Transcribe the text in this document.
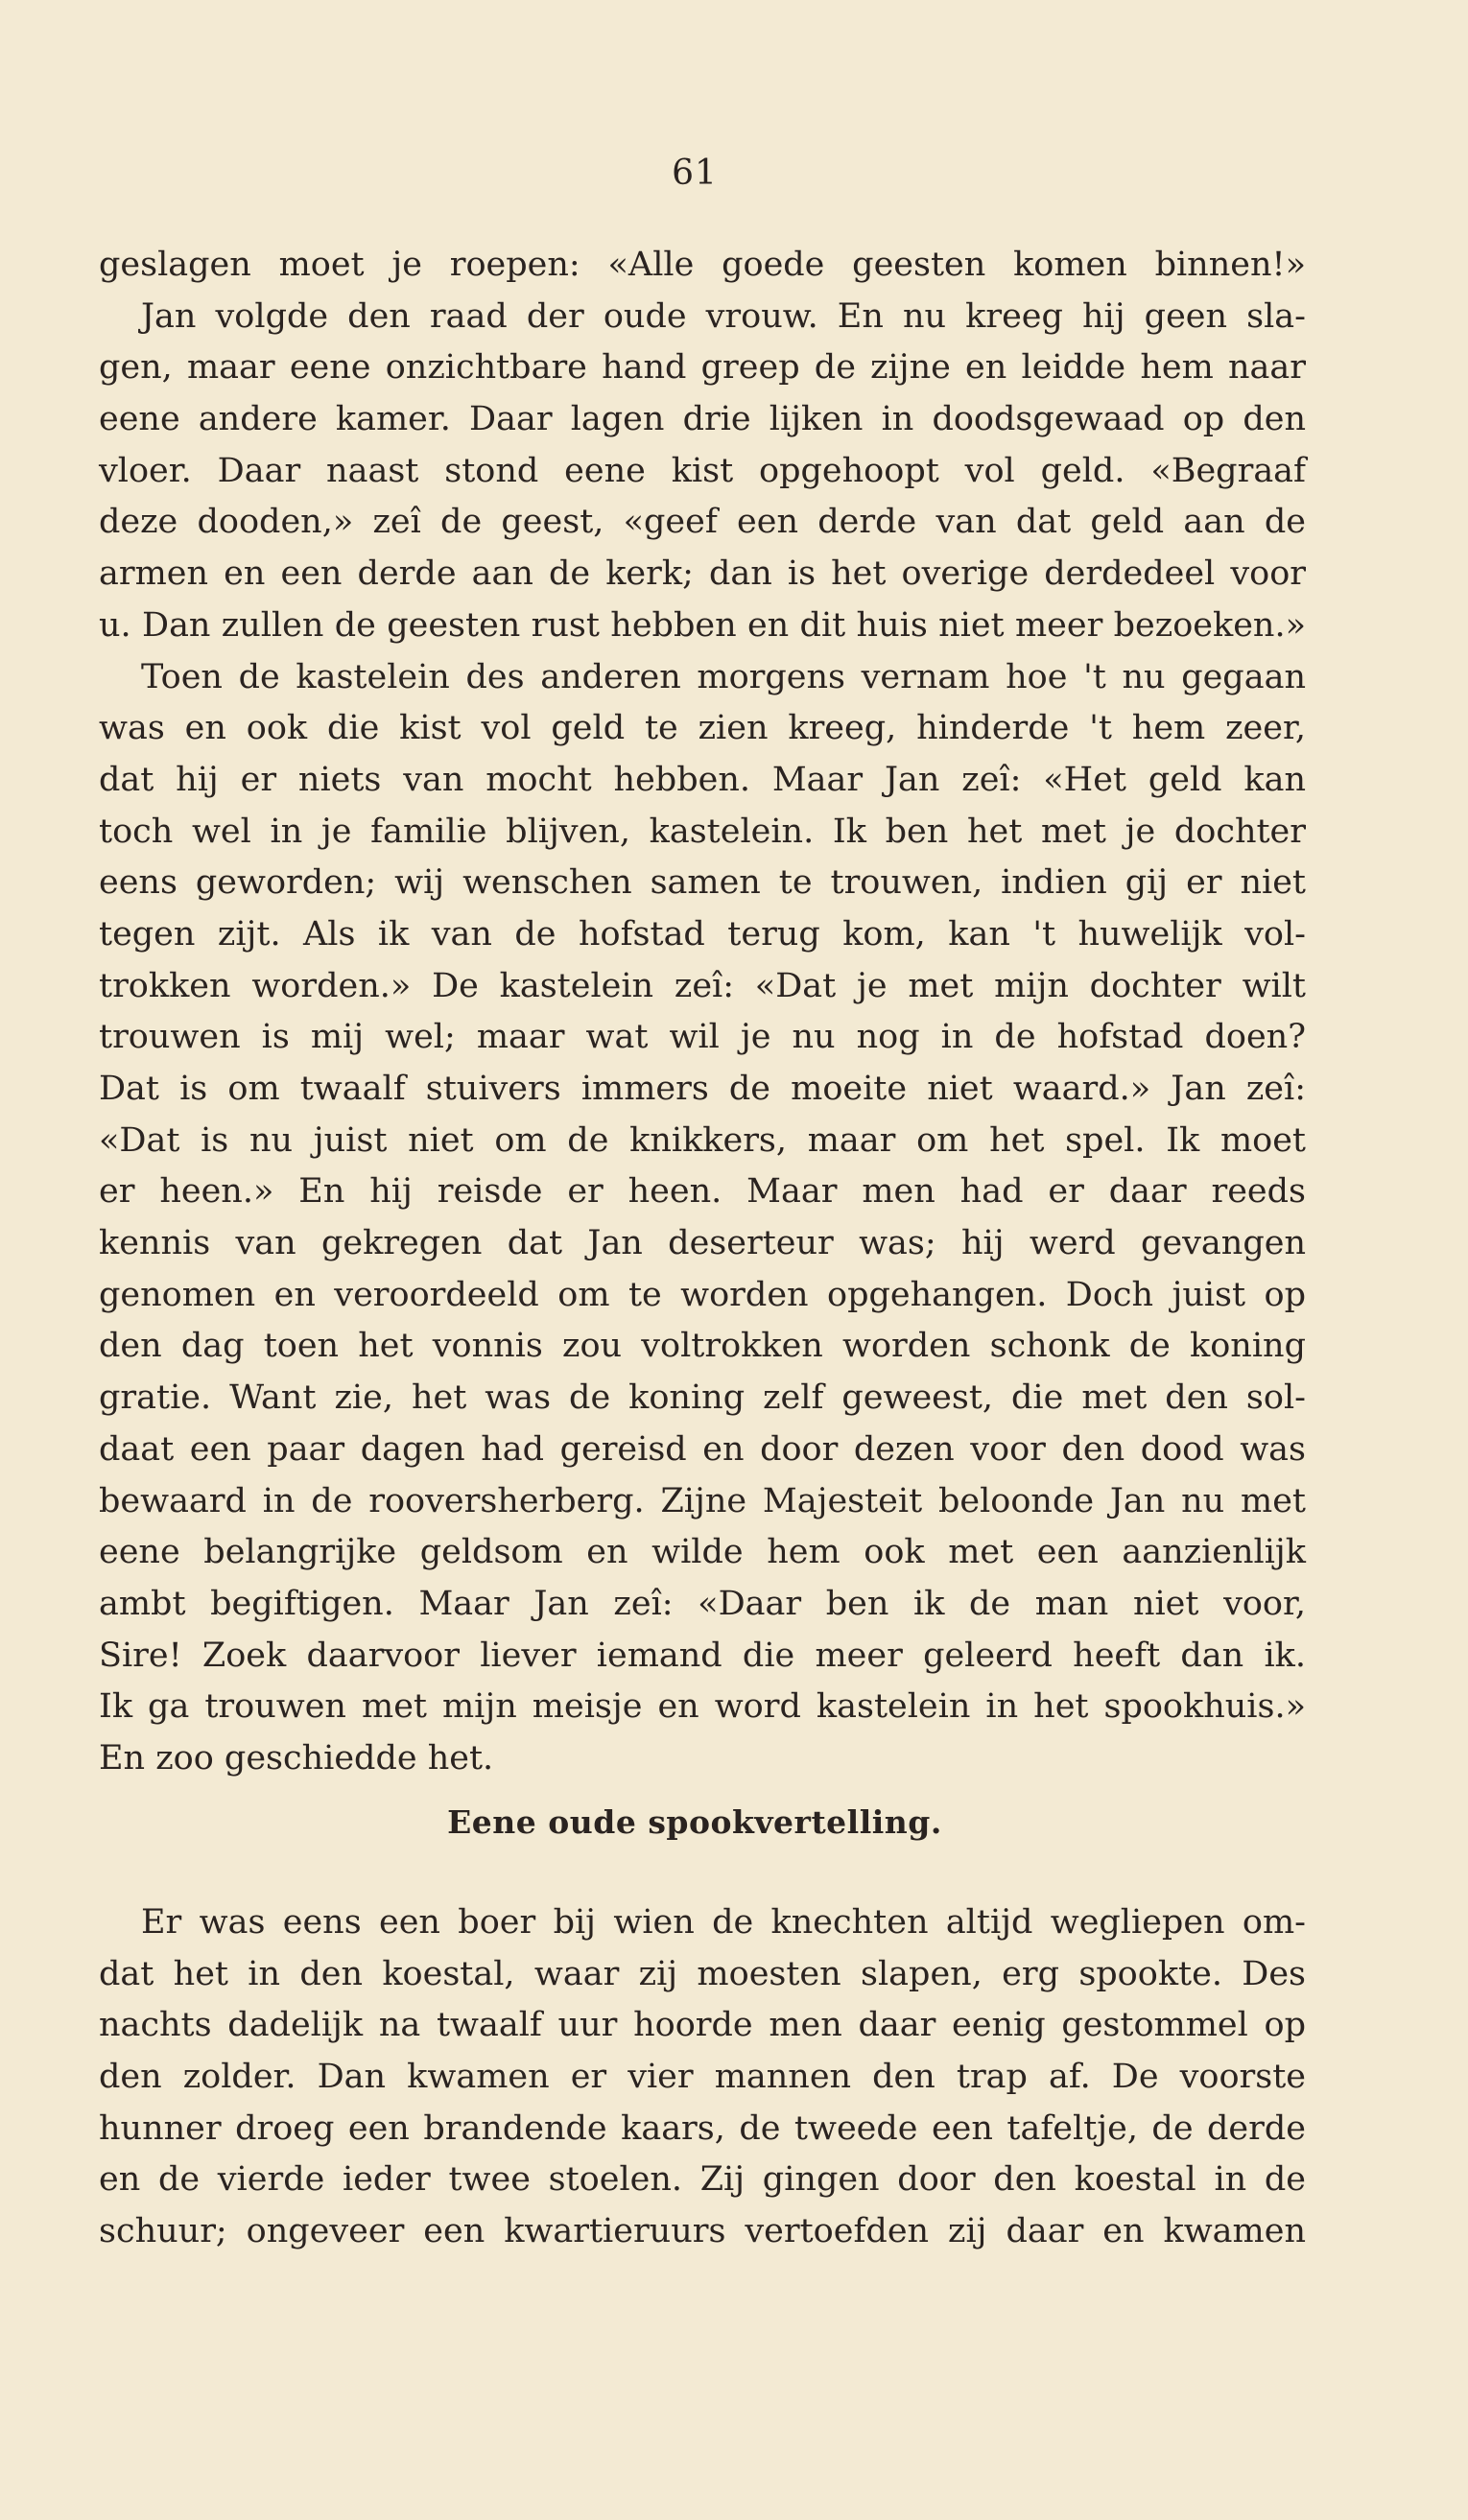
61
geslagen moet je roepen: «Alle goede geesten komen binnen!»
Jan volgde den raad der oude vrouw. En nu kreeg hij geen sla-
gen, maar eene onzichtbare hand greep de zijne en leidde hem naar
eene andere kamer. Daar lagen drie lijken in doodsgewaad op den
vloer. Daar naast stond eene kist opgehoopt vol geld. «Begraaf
deze dooden,» zeî de geest, «geef een derde van dat geld aan de
armen en een derde aan de kerk; dan is het overige derdedeel voor
u. Dan zullen de geesten rust hebben en dit huis niet meer bezoeken.»
Toen de kastelein des anderen morgens vernam hoe 't nu gegaan
was en ook die kist vol geld te zien kreeg, hinderde 't hem zeer,
dat hij er niets van mocht hebben. Maar Jan zeî: «Het geld kan
toch wel in je familie blijven, kastelein. Ik ben het met je dochter
eens geworden; wij wenschen samen te trouwen, indien gij er niet
tegen zijt. Als ik van de hofstad terug kom, kan 't huwelijk vol-
trokken worden.» De kastelein zeî: «Dat je met mijn dochter wilt
trouwen is mij wel; maar wat wil je nu nog in de hofstad doen?
Dat is om twaalf stuivers immers de moeite niet waard.» Jan zeî:
«Dat is nu juist niet om de knikkers, maar om het spel. Ik moet
er heen.» En hij reisde er heen. Maar men had er daar reeds
kennis van gekregen dat Jan deserteur was; hij werd gevangen
genomen en veroordeeld om te worden opgehangen. Doch juist op
den dag toen het vonnis zou voltrokken worden schonk de koning
gratie. Want zie, het was de koning zelf geweest, die met den sol-
daat een paar dagen had gereisd en door dezen voor den dood was
bewaard in de rooversherberg. Zijne Majesteit beloonde Jan nu met
eene belangrijke geldsom en wilde hem ook met een aanzienlijk
ambt begiftigen. Maar Jan zeî: «Daar ben ik de man niet voor,
Sire! Zoek daarvoor liever iemand die meer geleerd heeft dan ik.
Ik ga trouwen met mijn meisje en word kastelein in het spookhuis.»
En zoo geschiedde het.
Eene oude spookvertelling.
Er was eens een boer bij wien de knechten altijd wegliepen om-
dat het in den koestal, waar zij moesten slapen, erg spookte. Des
nachts dadelijk na twaalf uur hoorde men daar eenig gestommel op
den zolder. Dan kwamen er vier mannen den trap af. De voorste
hunner droeg een brandende kaars, de tweede een tafeltje, de derde
en de vierde ieder twee stoelen. Zij gingen door den koestal in de
schuur; ongeveer een kwartieruurs vertoefden zij daar en kwamen
